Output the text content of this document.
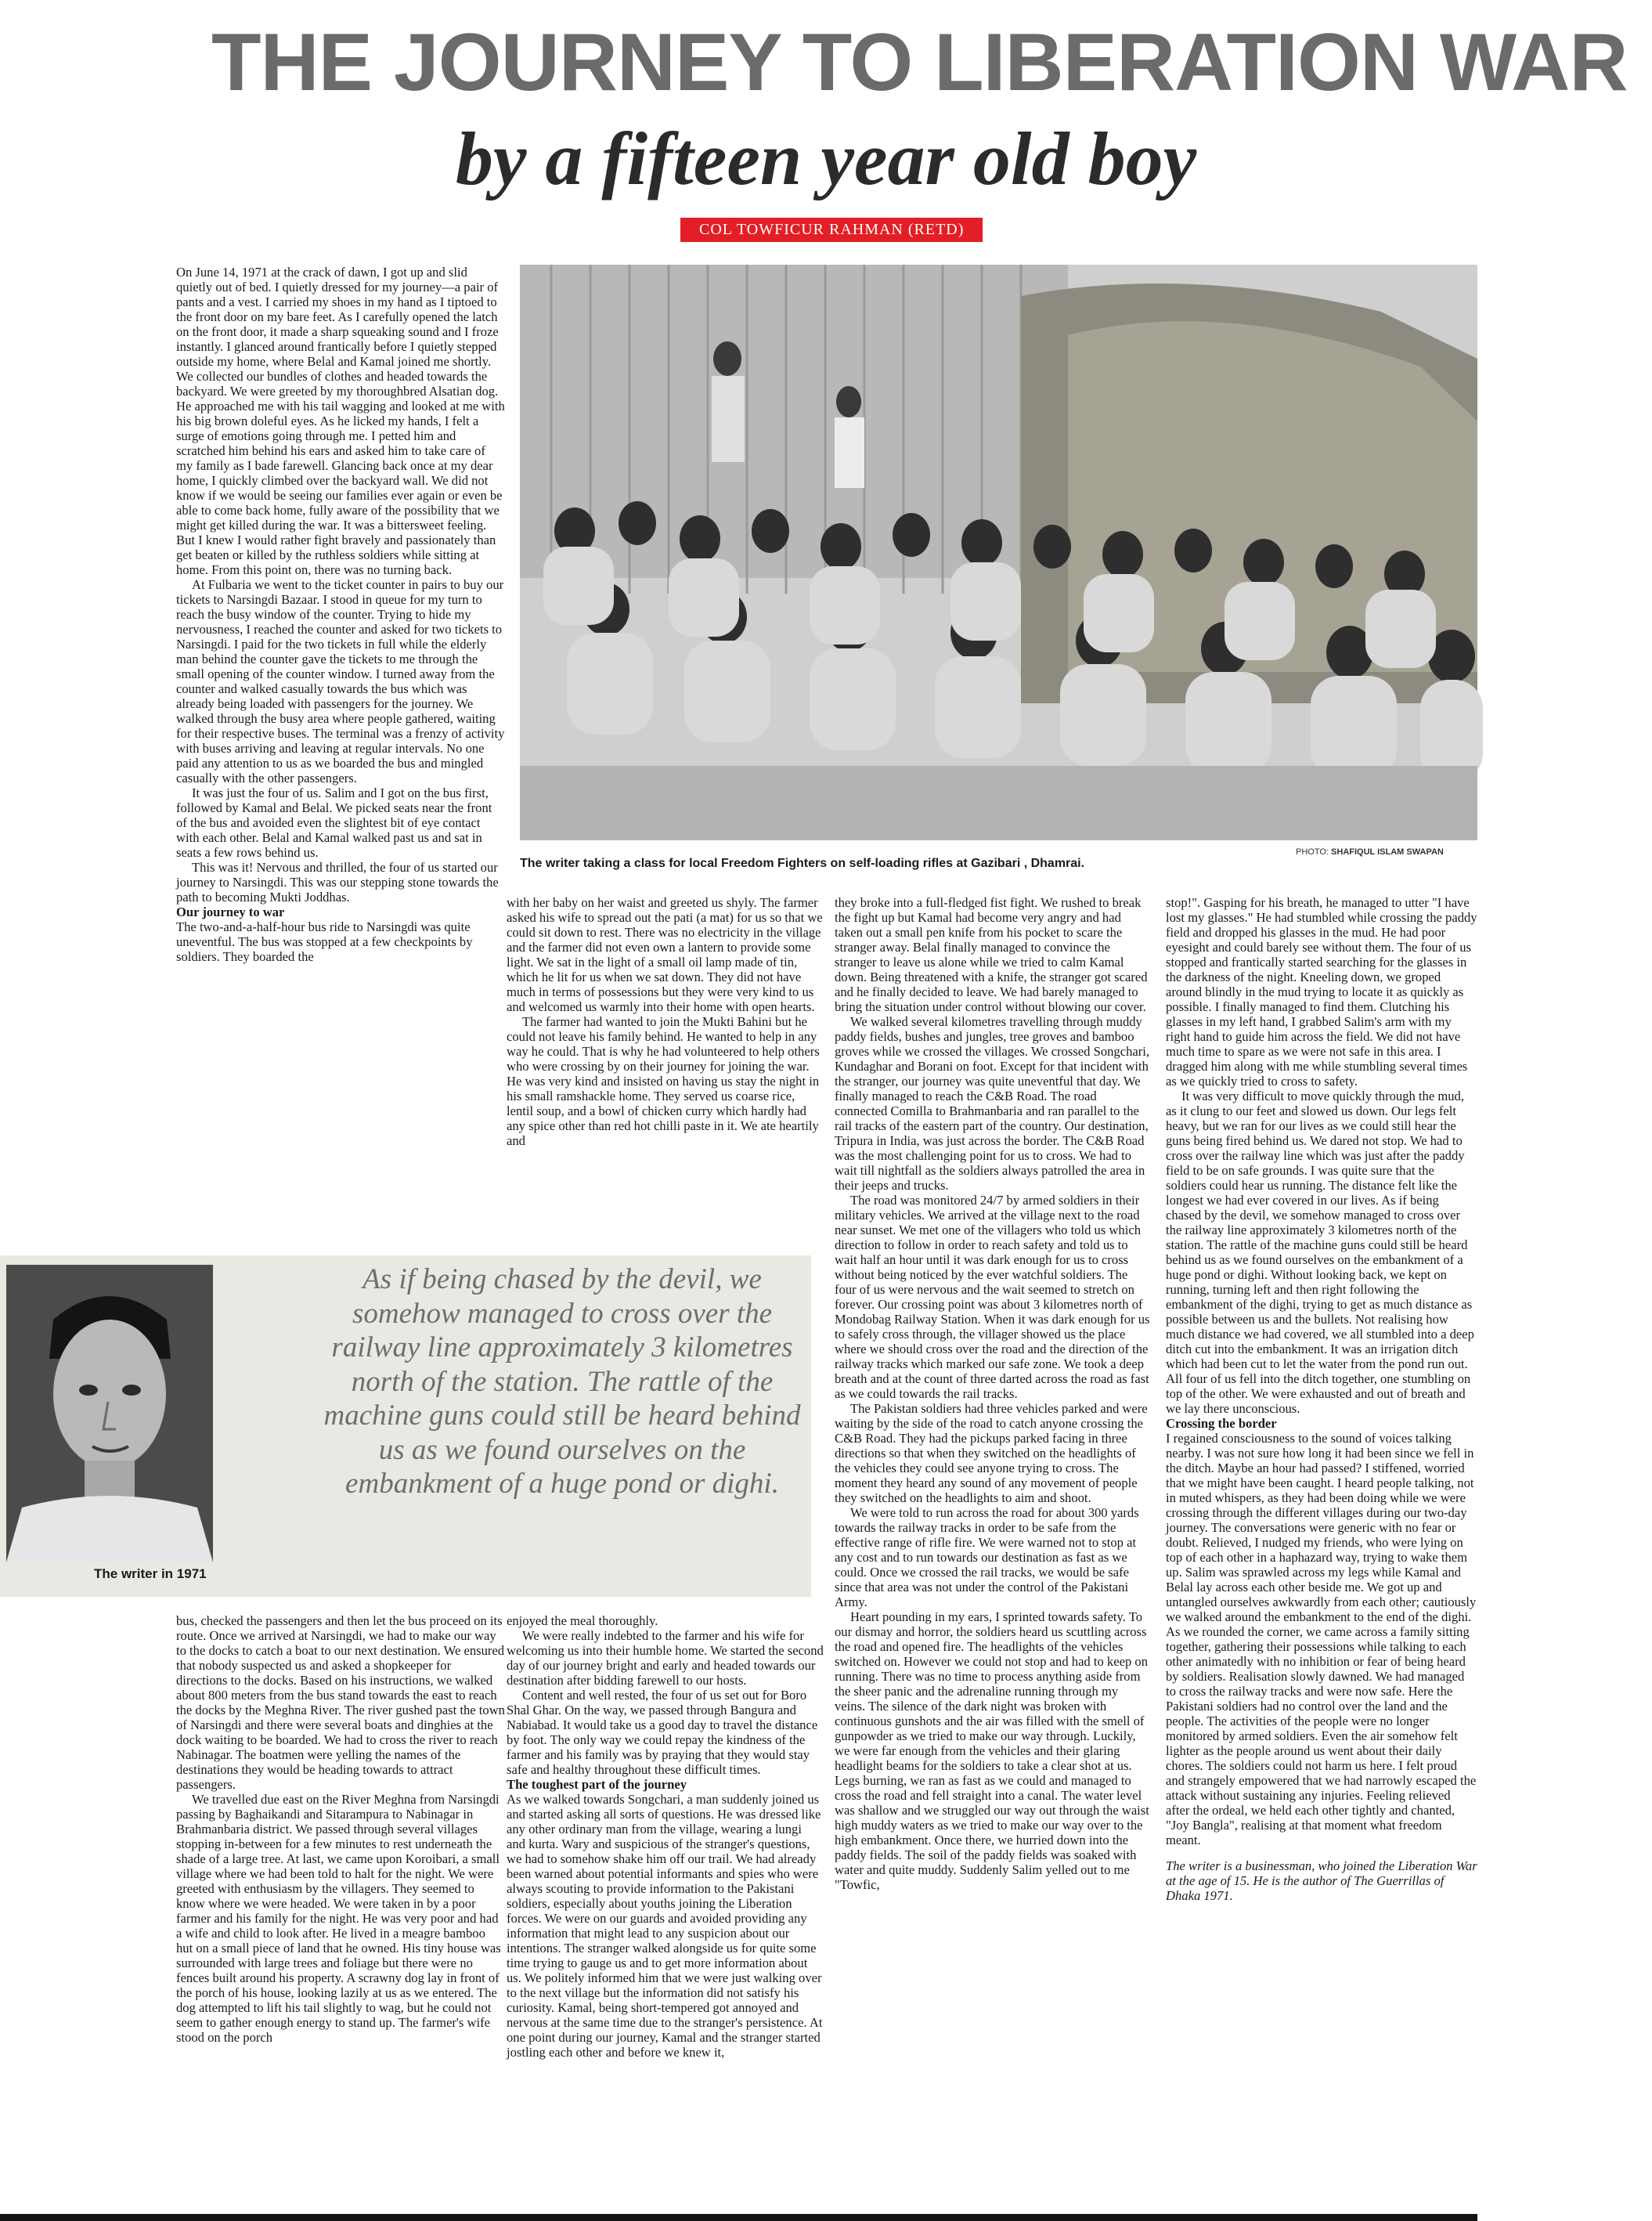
THE JOURNEY TO LIBERATION WAR
by a fifteen year old boy
COL TOWFICUR RAHMAN (RETD)

On June 14, 1971 at the crack of dawn, I got up and slid quietly out of bed. I quietly dressed for my journey—a pair of pants and a vest. I carried my shoes in my hand as I tiptoed to the front door on my bare feet. As I carefully opened the latch on the front door, it made a sharp squeaking sound and I froze instantly. I glanced around frantically before I quietly stepped outside my home, where Belal and Kamal joined me shortly. We collected our bundles of clothes and headed towards the backyard. We were greeted by my thoroughbred Alsatian dog. He approached me with his tail wagging and looked at me with his big brown doleful eyes. As he licked my hands, I felt a surge of emotions going through me. I petted him and scratched him behind his ears and asked him to take care of my family as I bade farewell. Glancing back once at my dear home, I quickly climbed over the backyard wall. We did not know if we would be seeing our families ever again or even be able to come back home, fully aware of the possibility that we might get killed during the war. It was a bittersweet feeling. But I knew I would rather fight bravely and passionately than get beaten or killed by the ruthless soldiers while sitting at home. From this point on, there was no turning back.

At Fulbaria we went to the ticket counter in pairs to buy our tickets to Narsingdi Bazaar. I stood in queue for my turn to reach the busy window of the counter. Trying to hide my nervousness, I reached the counter and asked for two tickets to Narsingdi. I paid for the two tickets in full while the elderly man behind the counter gave the tickets to me through the small opening of the counter window. I turned away from the counter and walked casually towards the bus which was already being loaded with passengers for the journey. We walked through the busy area where people gathered, waiting for their respective buses. The terminal was a frenzy of activity with buses arriving and leaving at regular intervals. No one paid any attention to us as we boarded the bus and mingled casually with the other passengers.

It was just the four of us. Salim and I got on the bus first, followed by Kamal and Belal. We picked seats near the front of the bus and avoided even the slightest bit of eye contact with each other. Belal and Kamal walked past us and sat in seats a few rows behind us.

This was it! Nervous and thrilled, the four of us started our journey to Narsingdi. This was our stepping stone towards the path to becoming Mukti Joddhas.

Our journey to war

The two-and-a-half-hour bus ride to Narsingdi was quite uneventful. The bus was stopped at a few checkpoints by soldiers. They boarded the

The writer taking a class for local Freedom Fighters on self-loading rifles at Gazibari , Dhamrai.
PHOTO: SHAFIQUL ISLAM SWAPAN

with her baby on her waist and greeted us shyly. The farmer asked his wife to spread out the pati (a mat) for us so that we could sit down to rest. There was no electricity in the village and the farmer did not even own a lantern to provide some light. We sat in the light of a small oil lamp made of tin, which he lit for us when we sat down. They did not have much in terms of possessions but they were very kind to us and welcomed us warmly into their home with open hearts.

The farmer had wanted to join the Mukti Bahini but he could not leave his family behind. He wanted to help in any way he could. That is why he had volunteered to help others who were crossing by on their journey for joining the war. He was very kind and insisted on having us stay the night in his small ramshackle home. They served us coarse rice, lentil soup, and a bowl of chicken curry which hardly had any spice other than red hot chilli paste in it. We ate heartily and

they broke into a full-fledged fist fight. We rushed to break the fight up but Kamal had become very angry and had taken out a small pen knife from his pocket to scare the stranger away. Belal finally managed to convince the stranger to leave us alone while we tried to calm Kamal down. Being threatened with a knife, the stranger got scared and he finally decided to leave. We had barely managed to bring the situation under control without blowing our cover.

We walked several kilometres travelling through muddy paddy fields, bushes and jungles, tree groves and bamboo groves while we crossed the villages. We crossed Songchari, Kundaghar and Borani on foot. Except for that incident with the stranger, our journey was quite uneventful that day. We finally managed to reach the C&B Road. The road connected Comilla to Brahmanbaria and ran parallel to the rail tracks of the eastern part of the country. Our destination, Tripura in India, was just across the border. The C&B Road was the most challenging point for us to cross. We had to wait till nightfall as the soldiers always patrolled the area in their jeeps and trucks.

The road was monitored 24/7 by armed soldiers in their military vehicles. We arrived at the village next to the road near sunset. We met one of the villagers who told us which direction to follow in order to reach safety and told us to wait half an hour until it was dark enough for us to cross without being noticed by the ever watchful soldiers. The four of us were nervous and the wait seemed to stretch on forever. Our crossing point was about 3 kilometres north of Mondobag Railway Station. When it was dark enough for us to safely cross through, the villager showed us the place where we should cross over the road and the direction of the railway tracks which marked our safe zone. We took a deep breath and at the count of three darted across the road as fast as we could towards the rail tracks.

The Pakistan soldiers had three vehicles parked and were waiting by the side of the road to catch anyone crossing the C&B Road. They had the pickups parked facing in three directions so that when they switched on the headlights of the vehicles they could see anyone trying to cross. The moment they heard any sound of any movement of people they switched on the headlights to aim and shoot.

We were told to run across the road for about 300 yards towards the railway tracks in order to be safe from the effective range of rifle fire. We were warned not to stop at any cost and to run towards our destination as fast as we could. Once we crossed the rail tracks, we would be safe since that area was not under the control of the Pakistani Army.

Heart pounding in my ears, I sprinted towards safety. To our dismay and horror, the soldiers heard us scuttling across the road and opened fire. The headlights of the vehicles switched on. However we could not stop and had to keep on running. There was no time to process anything aside from the sheer panic and the adrenaline running through my veins. The silence of the dark night was broken with continuous gunshots and the air was filled with the smell of gunpowder as we tried to make our way through. Luckily, we were far enough from the vehicles and their glaring headlight beams for the soldiers to take a clear shot at us. Legs burning, we ran as fast as we could and managed to cross the road and fell straight into a canal. The water level was shallow and we struggled our way out through the waist high muddy waters as we tried to make our way over to the high embankment. Once there, we hurried down into the paddy fields. The soil of the paddy fields was soaked with water and quite muddy. Suddenly Salim yelled out to me "Towfic,

stop!". Gasping for his breath, he managed to utter "I have lost my glasses." He had stumbled while crossing the paddy field and dropped his glasses in the mud. He had poor eyesight and could barely see without them. The four of us stopped and frantically started searching for the glasses in the darkness of the night. Kneeling down, we groped around blindly in the mud trying to locate it as quickly as possible. I finally managed to find them. Clutching his glasses in my left hand, I grabbed Salim's arm with my right hand to guide him across the field. We did not have much time to spare as we were not safe in this area. I dragged him along with me while stumbling several times as we quickly tried to cross to safety.

It was very difficult to move quickly through the mud, as it clung to our feet and slowed us down. Our legs felt heavy, but we ran for our lives as we could still hear the guns being fired behind us. We dared not stop. We had to cross over the railway line which was just after the paddy field to be on safe grounds. I was quite sure that the soldiers could hear us running. The distance felt like the longest we had ever covered in our lives. As if being chased by the devil, we somehow managed to cross over the railway line approximately 3 kilometres north of the station. The rattle of the machine guns could still be heard behind us as we found ourselves on the embankment of a huge pond or dighi. Without looking back, we kept on running, turning left and then right following the embankment of the dighi, trying to get as much distance as possible between us and the bullets. Not realising how much distance we had covered, we all stumbled into a deep ditch cut into the embankment. It was an irrigation ditch which had been cut to let the water from the pond run out. All four of us fell into the ditch together, one stumbling on top of the other. We were exhausted and out of breath and we lay there unconscious.

Crossing the border

I regained consciousness to the sound of voices talking nearby. I was not sure how long it had been since we fell in the ditch. Maybe an hour had passed? I stiffened, worried that we might have been caught. I heard people talking, not in muted whispers, as they had been doing while we were crossing through the different villages during our two-day journey. The conversations were generic with no fear or doubt. Relieved, I nudged my friends, who were lying on top of each other in a haphazard way, trying to wake them up. Salim was sprawled across my legs while Kamal and Belal lay across each other beside me. We got up and untangled ourselves awkwardly from each other; cautiously we walked around the embankment to the end of the dighi. As we rounded the corner, we came across a family sitting together, gathering their possessions while talking to each other animatedly with no inhibition or fear of being heard by soldiers. Realisation slowly dawned. We had managed to cross the railway tracks and were now safe. Here the Pakistani soldiers had no control over the land and the people. The activities of the people were no longer monitored by armed soldiers. Even the air somehow felt lighter as the people around us went about their daily chores. The soldiers could not harm us here. I felt proud and strangely empowered that we had narrowly escaped the attack without sustaining any injuries. Feeling relieved after the ordeal, we held each other tightly and chanted, "Joy Bangla", realising at that moment what freedom meant.

The writer is a businessman, who joined the Liberation War at the age of 15. He is the author of The Guerrillas of Dhaka 1971.

The writer in 1971
As if being chased by the devil, we somehow managed to cross over the railway line approximately 3 kilometres north of the station. The rattle of the machine guns could still be heard behind us as we found ourselves on the embankment of a huge pond or dighi.

bus, checked the passengers and then let the bus proceed on its route. Once we arrived at Narsingdi, we had to make our way to the docks to catch a boat to our next destination. We ensured that nobody suspected us and asked a shopkeeper for directions to the docks. Based on his instructions, we walked about 800 meters from the bus stand towards the east to reach the docks by the Meghna River. The river gushed past the town of Narsingdi and there were several boats and dinghies at the dock waiting to be boarded. We had to cross the river to reach Nabinagar. The boatmen were yelling the names of the destinations they would be heading towards to attract passengers.

We travelled due east on the River Meghna from Narsingdi passing by Baghaikandi and Sitarampura to Nabinagar in Brahmanbaria district. We passed through several villages stopping in-between for a few minutes to rest underneath the shade of a large tree. At last, we came upon Koroibari, a small village where we had been told to halt for the night. We were greeted with enthusiasm by the villagers. They seemed to know where we were headed. We were taken in by a poor farmer and his family for the night. He was very poor and had a wife and child to look after. He lived in a meagre bamboo hut on a small piece of land that he owned. His tiny house was surrounded with large trees and foliage but there were no fences built around his property. A scrawny dog lay in front of the porch of his house, looking lazily at us as we entered. The dog attempted to lift his tail slightly to wag, but he could not seem to gather enough energy to stand up. The farmer's wife stood on the porch

enjoyed the meal thoroughly.

We were really indebted to the farmer and his wife for welcoming us into their humble home. We started the second day of our journey bright and early and headed towards our destination after bidding farewell to our hosts.

Content and well rested, the four of us set out for Boro Shal Ghar. On the way, we passed through Bangura and Nabiabad. It would take us a good day to travel the distance by foot. The only way we could repay the kindness of the farmer and his family was by praying that they would stay safe and healthy throughout these difficult times.

The toughest part of the journey

As we walked towards Songchari, a man suddenly joined us and started asking all sorts of questions. He was dressed like any other ordinary man from the village, wearing a lungi and kurta. Wary and suspicious of the stranger's questions, we had to somehow shake him off our trail. We had already been warned about potential informants and spies who were always scouting to provide information to the Pakistani soldiers, especially about youths joining the Liberation forces. We were on our guards and avoided providing any information that might lead to any suspicion about our intentions. The stranger walked alongside us for quite some time trying to gauge us and to get more information about us. We politely informed him that we were just walking over to the next village but the information did not satisfy his curiosity. Kamal, being short-tempered got annoyed and nervous at the same time due to the stranger's persistence. At one point during our journey, Kamal and the stranger started jostling each other and before we knew it,
